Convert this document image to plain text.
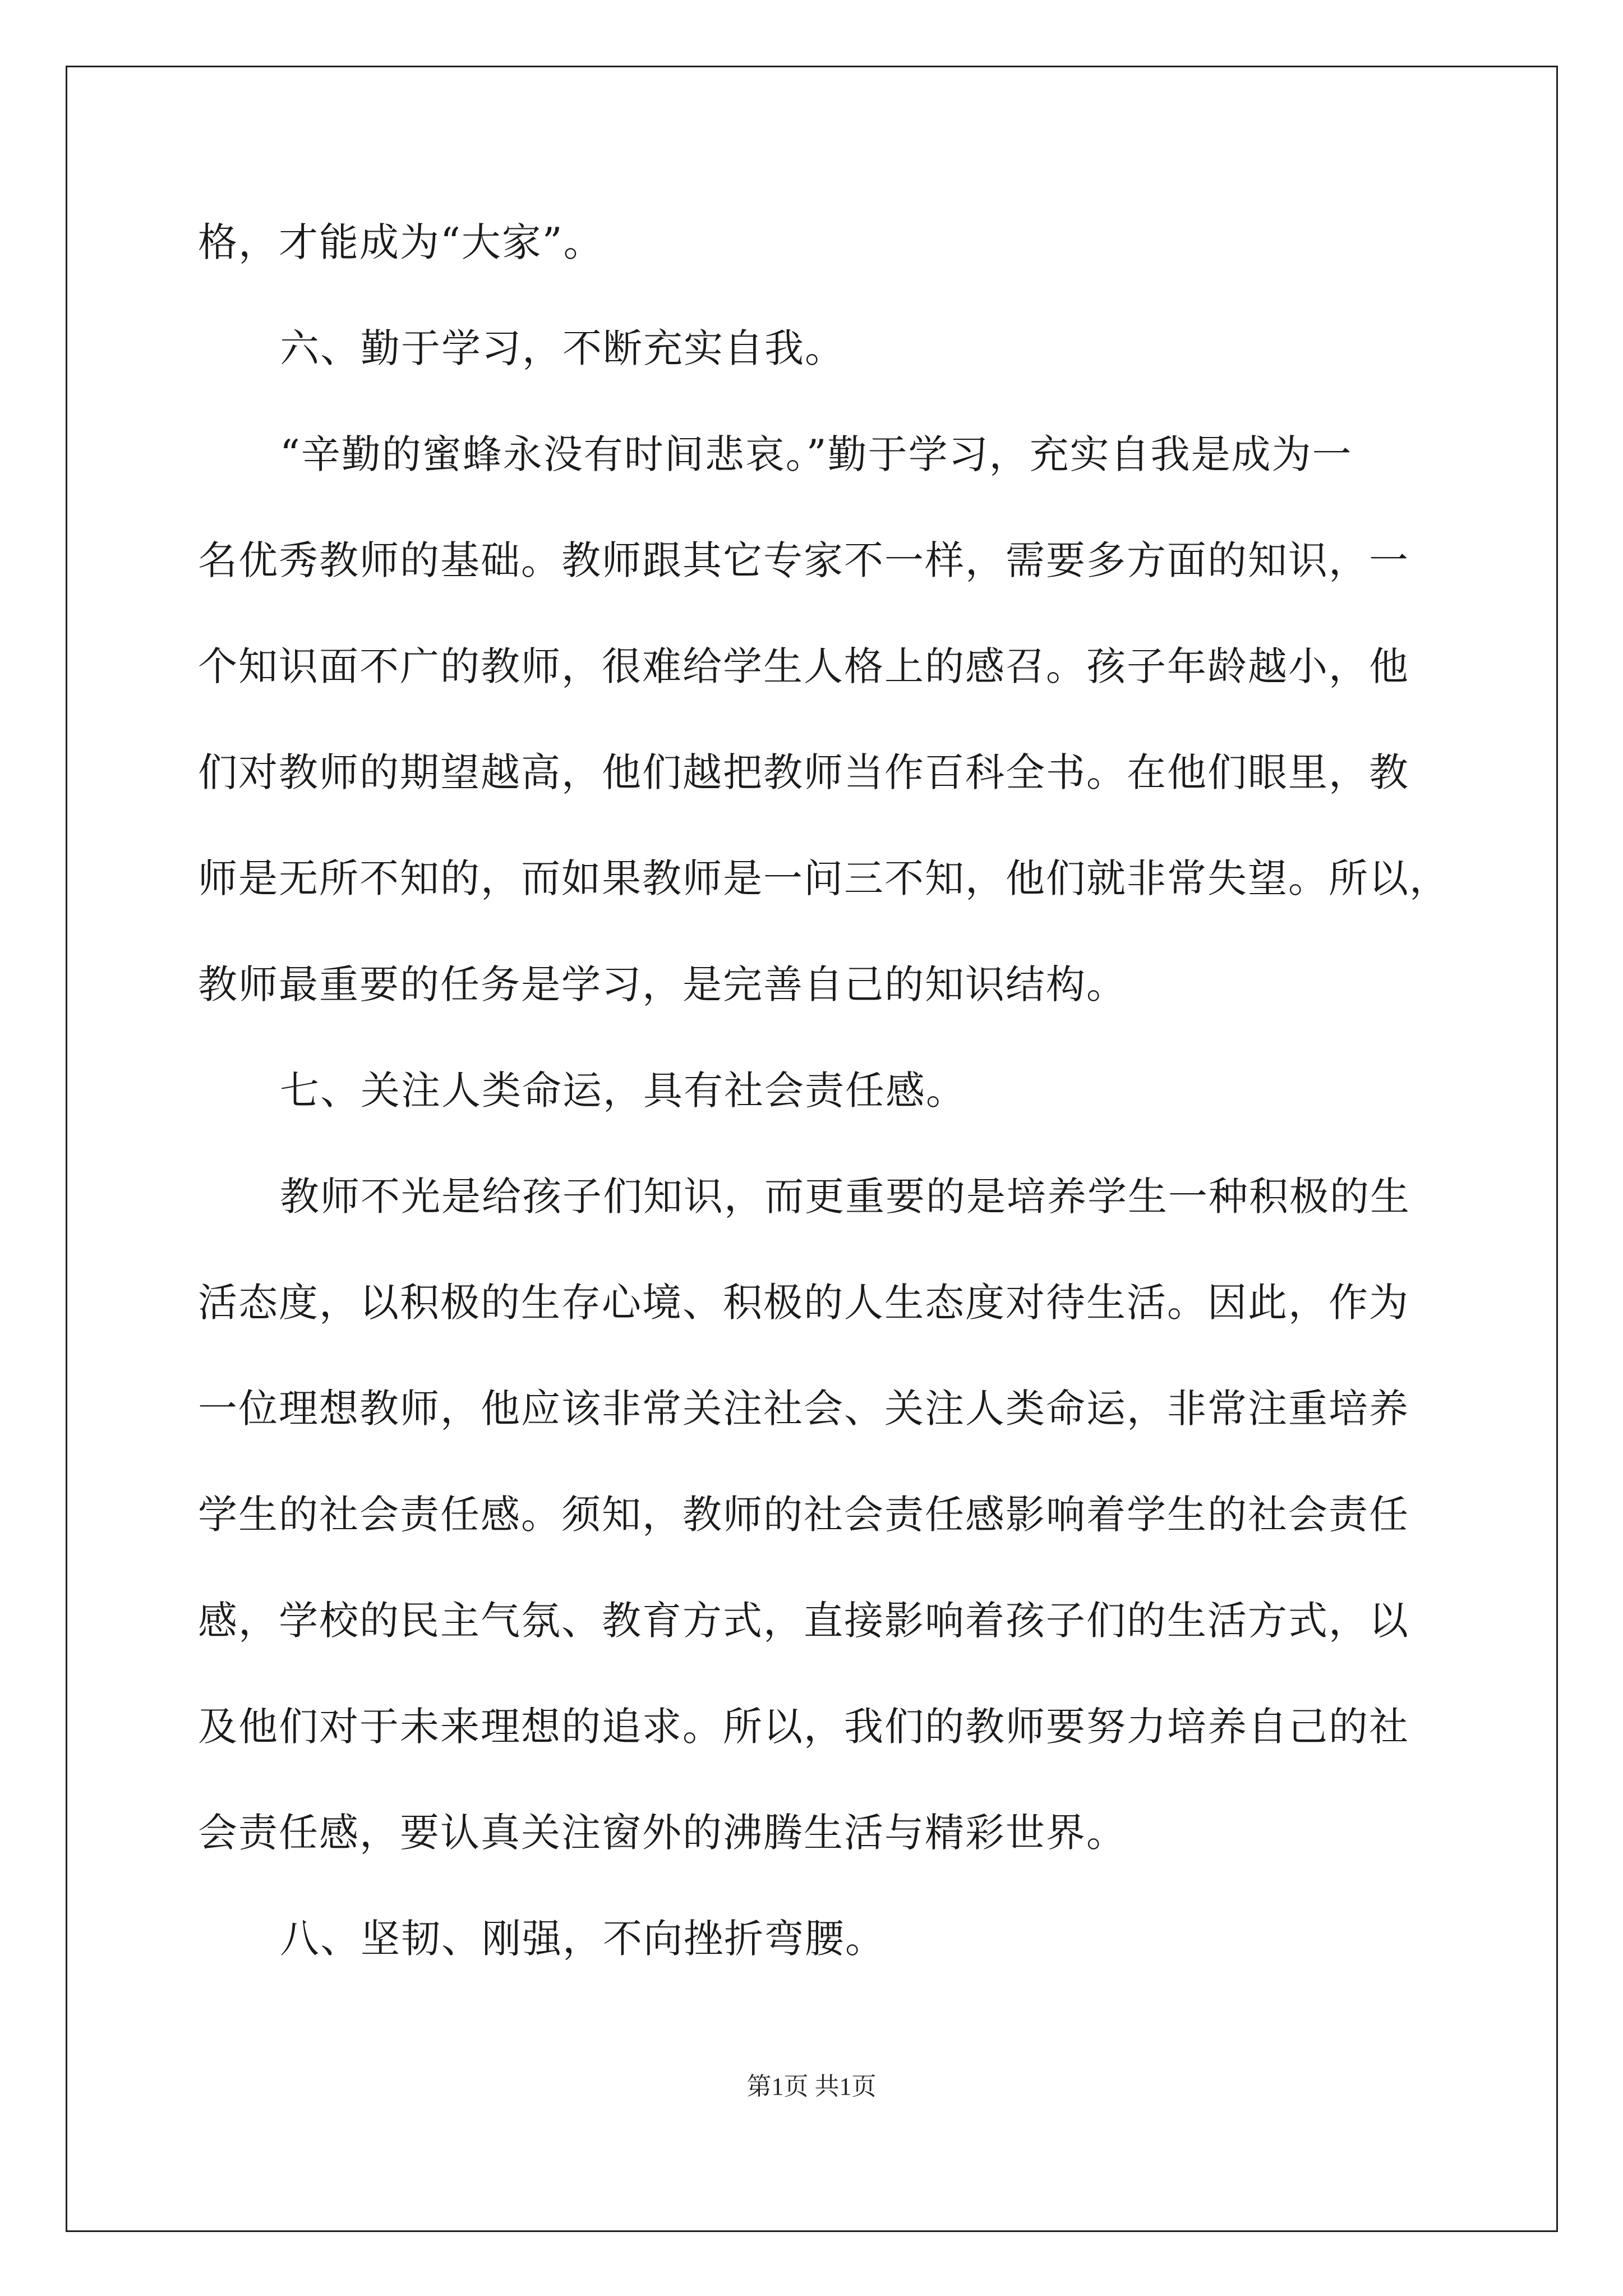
格，才能成为“大家”。
六、勤于学习，不断充实自我。
“辛勤的蜜蜂永没有时间悲哀。”勤于学习，充实自我是成为一
名优秀教师的基础。教师跟其它专家不一样，需要多方面的知识，一
个知识面不广的教师，很难给学生人格上的感召。孩子年龄越小，他
们对教师的期望越高，他们越把教师当作百科全书。在他们眼里，教
师是无所不知的，而如果教师是一问三不知，他们就非常失望。所以，
教师最重要的任务是学习，是完善自己的知识结构。
七、关注人类命运，具有社会责任感。
教师不光是给孩子们知识，而更重要的是培养学生一种积极的生
活态度，以积极的生存心境、积极的人生态度对待生活。因此，作为
一位理想教师，他应该非常关注社会、关注人类命运，非常注重培养
学生的社会责任感。须知，教师的社会责任感影响着学生的社会责任
感，学校的民主气氛、教育方式，直接影响着孩子们的生活方式，以
及他们对于未来理想的追求。所以，我们的教师要努力培养自己的社
会责任感，要认真关注窗外的沸腾生活与精彩世界。
八、坚韧、刚强，不向挫折弯腰。
第1页 共1页
